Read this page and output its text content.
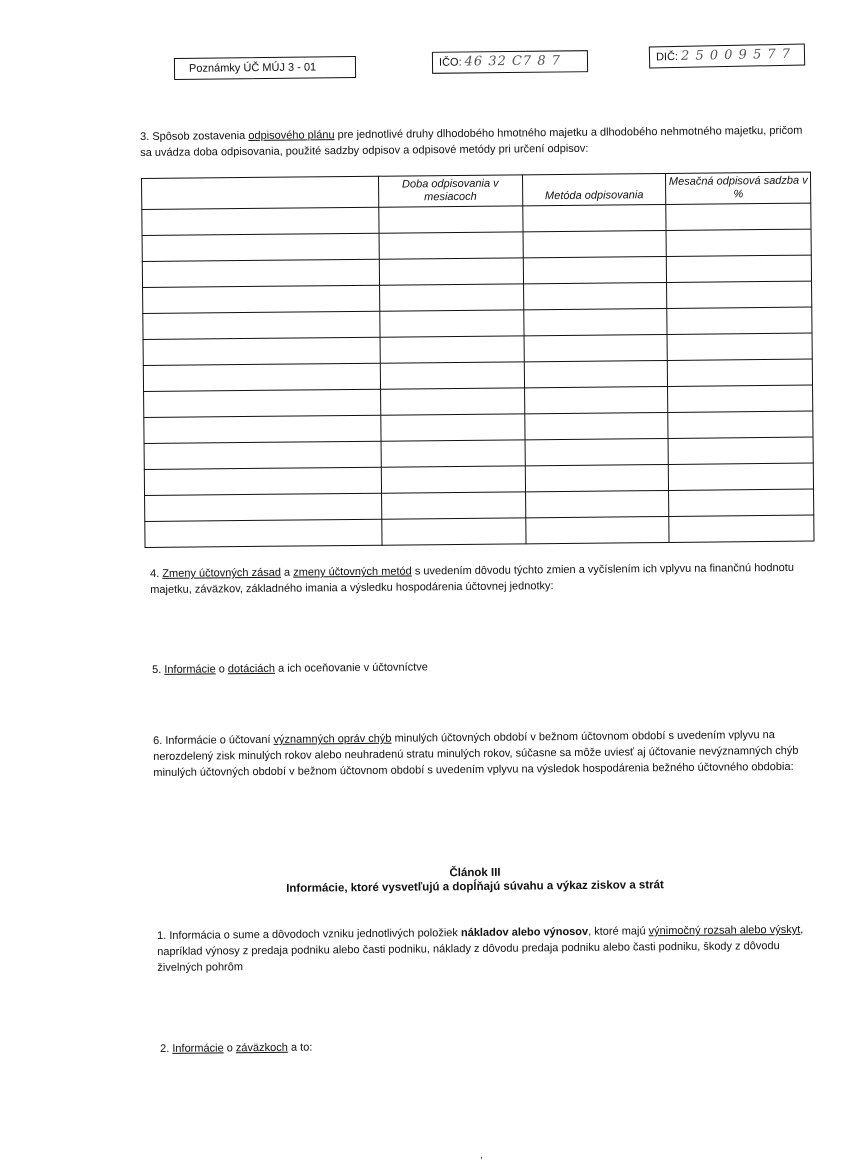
Poznámky ÚČ MÚJ 3 - 01	IČO: 46 32 C7 8 7	DIČ: 2 5 0 0 9 5 7 7

3. Spôsob zostavenia odpisového plánu pre jednotlivé druhy dlhodobého hmotného majetku a dlhodobého nehmotného majetku, pričom sa uvádza doba odpisovania, použité sadzby odpisov a odpisové metódy pri určení odpisov:

	Doba odpisovania v mesiacoch	Metóda odpisovania	Mesačná odpisová sadzba v %

4. Zmeny účtovných zásad a zmeny účtovných metód s uvedením dôvodu týchto zmien a vyčíslením ich vplyvu na finančnú hodnotu majetku, záväzkov, základného imania a výsledku hospodárenia účtovnej jednotky:

5. Informácie o dotáciách a ich oceňovanie v účtovníctve

6. Informácie o účtovaní významných opráv chýb minulých účtovných období v bežnom účtovnom období s uvedením vplyvu na nerozdelený zisk minulých rokov alebo neuhradenú stratu minulých rokov, súčasne sa môže uviesť aj účtovanie nevýznamných chýb minulých účtovných období v bežnom účtovnom období s uvedením vplyvu na výsledok hospodárenia bežného účtovného obdobia:

Článok III
Informácie, ktoré vysvetľujú a dopĺňajú súvahu a výkaz ziskov a strát

1. Informácia o sume a dôvodoch vzniku jednotlivých položiek nákladov alebo výnosov, ktoré majú výnimočný rozsah alebo výskyt, napríklad výnosy z predaja podniku alebo časti podniku, náklady z dôvodu predaja podniku alebo časti podniku, škody z dôvodu živelných pohrôm

2. Informácie o záväzkoch a to:

,
